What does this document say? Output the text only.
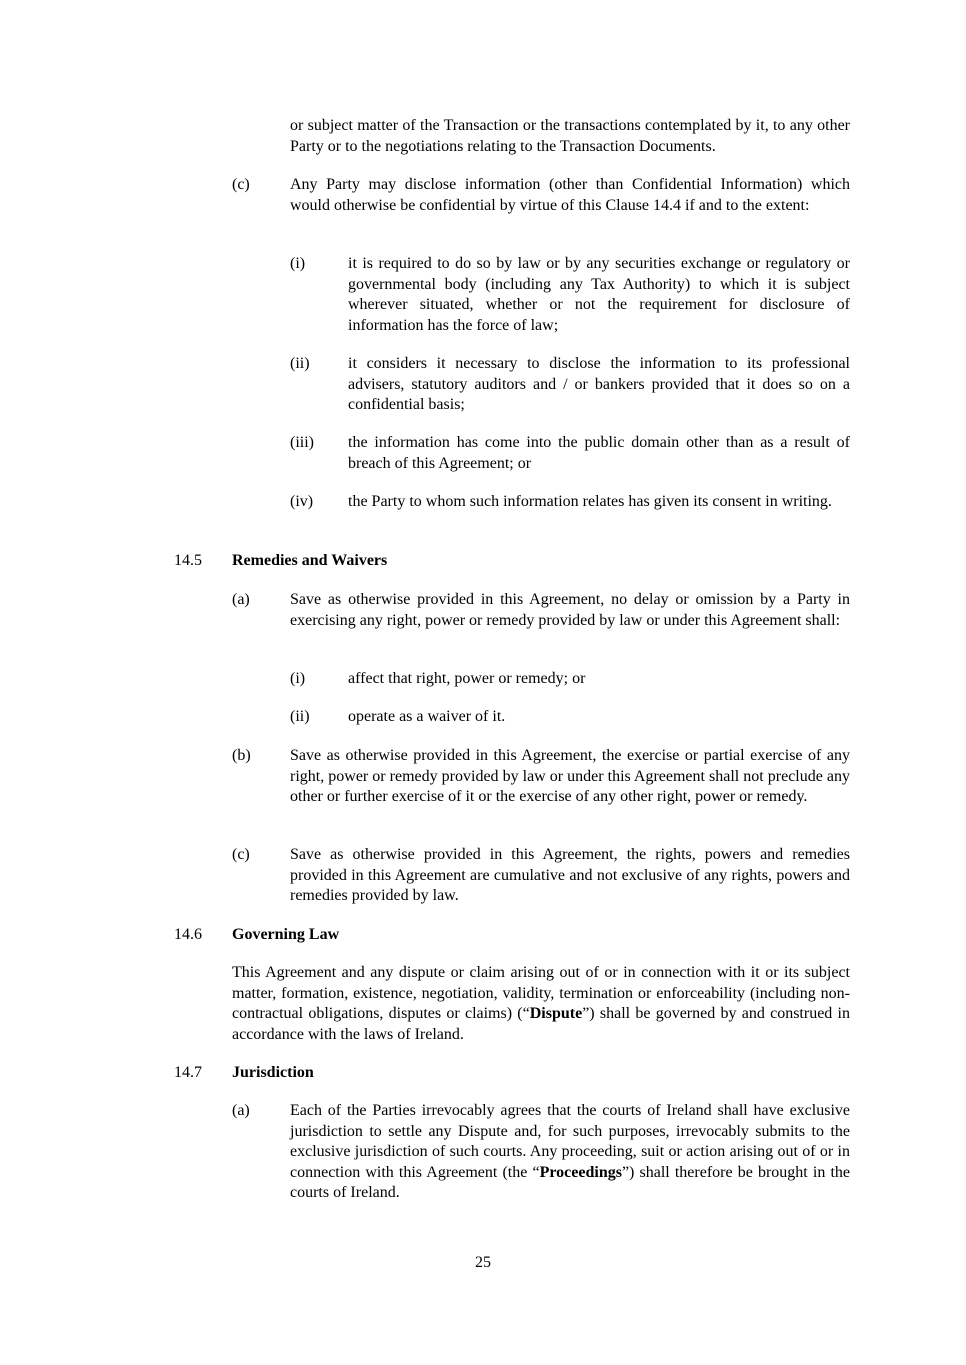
or subject matter of the Transaction or the transactions contemplated by it, to any other Party or to the negotiations relating to the Transaction Documents.

(c)	Any Party may disclose information (other than Confidential Information) which would otherwise be confidential by virtue of this Clause 14.4 if and to the extent:

(i)	it is required to do so by law or by any securities exchange or regulatory or governmental body (including any Tax Authority) to which it is subject wherever situated, whether or not the requirement for disclosure of information has the force of law;

(ii) it considers it necessary to disclose the information to its professional advisers, statutory auditors and / or bankers provided that it does so on a confidential basis;

(iii) the information has come into the public domain other than as a result of breach of this Agreement; or

(iv) the Party to whom such information relates has given its consent in writing.

14.5 Remedies and Waivers

(a)	Save as otherwise provided in this Agreement, no delay or omission by a Party in exercising any right, power or remedy provided by law or under this Agreement shall:

(i)	affect that right, power or remedy; or

(ii) operate as a waiver of it.

(b) Save as otherwise provided in this Agreement, the exercise or partial exercise of any right, power or remedy provided by law or under this Agreement shall not preclude any other or further exercise of it or the exercise of any other right, power or remedy.

(c)	Save as otherwise provided in this Agreement, the rights, powers and remedies provided in this Agreement are cumulative and not exclusive of any rights, powers and remedies provided by law.

14.6 Governing Law

This Agreement and any dispute or claim arising out of or in connection with it or its subject matter, formation, existence, negotiation, validity, termination or enforceability (including non-contractual obligations, disputes or claims) (“Dispute”) shall be governed by and construed in accordance with the laws of Ireland.

14.7 Jurisdiction

(a)	Each of the Parties irrevocably agrees that the courts of Ireland shall have exclusive jurisdiction to settle any Dispute and, for such purposes, irrevocably submits to the exclusive jurisdiction of such courts. Any proceeding, suit or action arising out of or in connection with this Agreement (the “Proceedings”) shall therefore be brought in the courts of Ireland.

25
